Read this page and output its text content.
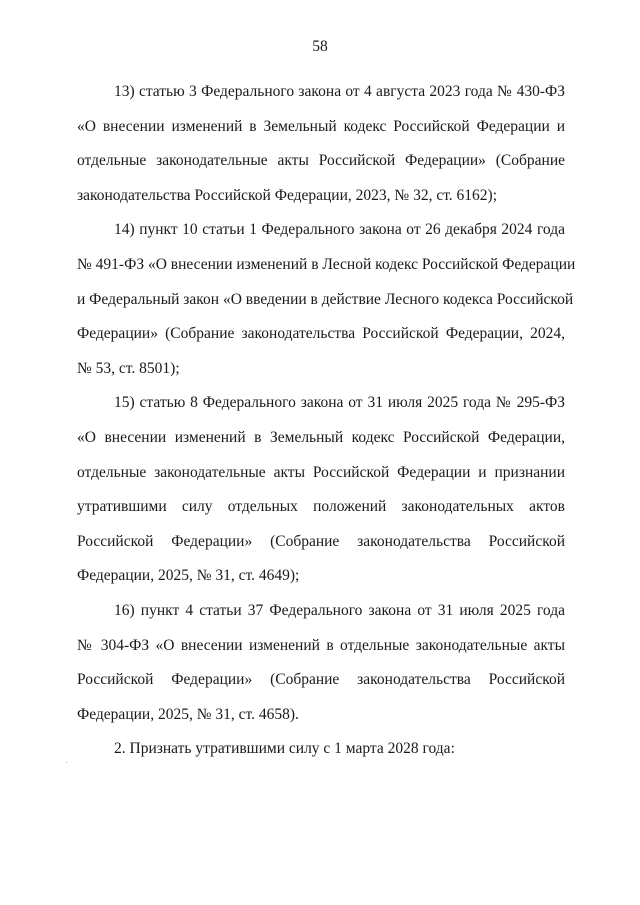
58
13) статью 3 Федерального закона от 4 августа 2023 года № 430-ФЗ
«О внесении изменений в Земельный кодекс Российской Федерации и
отдельные законодательные акты Российской Федерации» (Собрание
законодательства Российской Федерации, 2023, № 32, ст. 6162);
14) пункт 10 статьи 1 Федерального закона от 26 декабря 2024 года
№ 491-ФЗ «О внесении изменений в Лесной кодекс Российской Федерации
и Федеральный закон «О введении в действие Лесного кодекса Российской
Федерации» (Собрание законодательства Российской Федерации, 2024,
№ 53, ст. 8501);
15) статью 8 Федерального закона от 31 июля 2025 года № 295-ФЗ
«О внесении изменений в Земельный кодекс Российской Федерации,
отдельные законодательные акты Российской Федерации и признании
утратившими силу отдельных положений законодательных актов
Российской Федерации» (Собрание законодательства Российской
Федерации, 2025, № 31, ст. 4649);
16) пункт 4 статьи 37 Федерального закона от 31 июля 2025 года
№ 304-ФЗ «О внесении изменений в отдельные законодательные акты
Российской Федерации» (Собрание законодательства Российской
Федерации, 2025, № 31, ст. 4658).
2. Признать утратившими силу с 1 марта 2028 года:
